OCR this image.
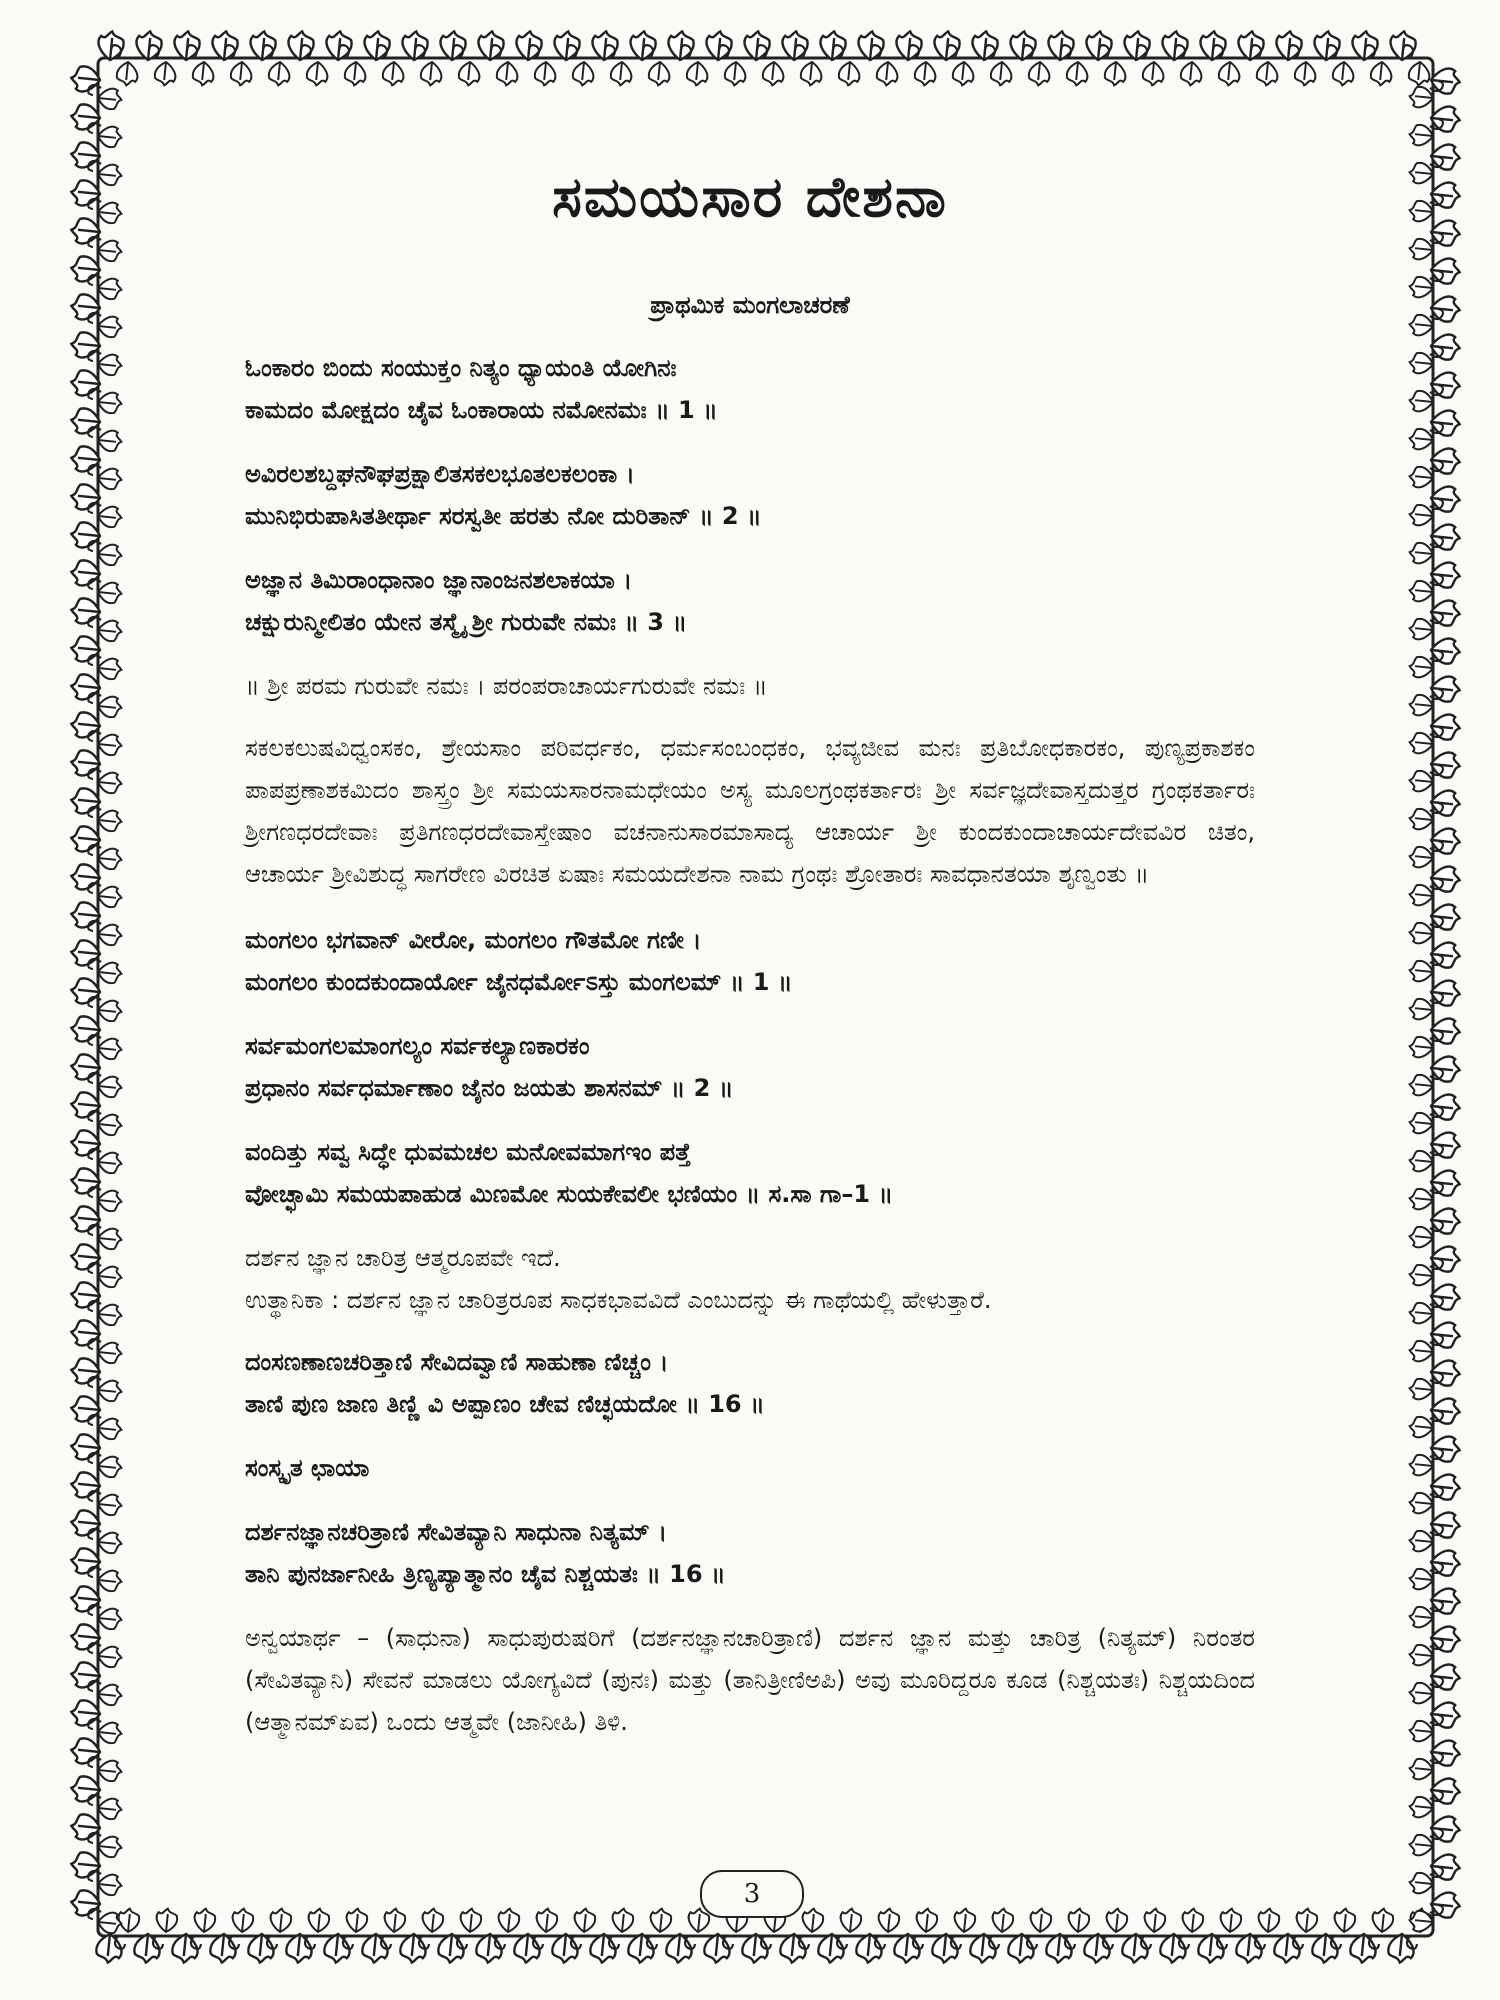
ಸಮಯಸಾರ ದೇಶನಾ
ಪ್ರಾಥಮಿಕ ಮಂಗಲಾಚರಣೆ

ಓಂಕಾರಂ ಬಿಂದು ಸಂಯುಕ್ತಂ ನಿತ್ಯಂ ಧ್ಯಾಯಂತಿ ಯೋಗಿನಃ

ಕಾಮದಂ ಮೋಕ್ಷದಂ ಚೈವ ಓಂಕಾರಾಯ ನಮೋನಮಃ ॥ 1 ॥

ಅವಿರಲಶಬ್ದಘನೌಘಪ್ರಕ್ಷಾಲಿತಸಕಲಭೂತಲಕಲಂಕಾ ।

ಮುನಿಭಿರುಪಾಸಿತತೀರ್ಥಾ ಸರಸ್ವತೀ ಹರತು ನೋ ದುರಿತಾನ್ ॥ 2 ॥

ಅಜ್ಞಾನ ತಿಮಿರಾಂಧಾನಾಂ ಜ್ಞಾನಾಂಜನಶಲಾಕಯಾ ।

ಚಕ್ಷುರುನ್ಮೀಲಿತಂ ಯೇನ ತಸ್ಮೈ ಶ್ರೀ ಗುರುವೇ ನಮಃ ॥ 3 ॥

॥ ಶ್ರೀ ಪರಮ ಗುರುವೇ ನಮಃ । ಪರಂಪರಾಚಾರ್ಯಗುರುವೇ ನಮಃ ॥

ಸಕಲಕಲುಷವಿಧ್ವಂಸಕಂ, ಶ್ರೇಯಸಾಂ ಪರಿವರ್ಧಕಂ, ಧರ್ಮಸಂಬಂಧಕಂ, ಭವ್ಯಜೀವ ಮನಃ ಪ್ರತಿಬೋಧಕಾರಕಂ, ಪುಣ್ಯಪ್ರಕಾಶಕಂ ಪಾಪಪ್ರಣಾಶಕಮಿದಂ ಶಾಸ್ತ್ರಂ ಶ್ರೀ ಸಮಯಸಾರನಾಮಧೇಯಂ ಅಸ್ಯ ಮೂಲಗ್ರಂಥಕರ್ತಾರಃ ಶ್ರೀ ಸರ್ವಜ್ಞದೇವಾಸ್ತದುತ್ತರ ಗ್ರಂಥಕರ್ತಾರಃ ಶ್ರೀಗಣಧರದೇವಾಃ ಪ್ರತಿಗಣಧರದೇವಾಸ್ತೇಷಾಂ ವಚನಾನುಸಾರಮಾಸಾದ್ಯ ಆಚಾರ್ಯ ಶ್ರೀ ಕುಂದಕುಂದಾಚಾರ್ಯದೇವವಿರ ಚಿತಂ, ಆಚಾರ್ಯ ಶ್ರೀವಿಶುದ್ಧ ಸಾಗರೇಣ ವಿರಚಿತ ಏಷಾಃ ಸಮಯದೇಶನಾ ನಾಮ ಗ್ರಂಥಃ ಶ್ರೋತಾರಃ ಸಾವಧಾನತಯಾ ಶೃಣ್ವಂತು ॥

ಮಂಗಲಂ ಭಗವಾನ್ ವೀರೋ, ಮಂಗಲಂ ಗೌತಮೋ ಗಣೀ ।

ಮಂಗಲಂ ಕುಂದಕುಂದಾರ್ಯೋ ಜೈನಧರ್ಮೋಽಸ್ತು ಮಂಗಲಮ್ ॥ 1 ॥

ಸರ್ವಮಂಗಲಮಾಂಗಲ್ಯಂ ಸರ್ವಕಲ್ಯಾಣಕಾರಕಂ

ಪ್ರಧಾನಂ ಸರ್ವಧರ್ಮಾಣಾಂ ಜೈನಂ ಜಯತು ಶಾಸನಮ್ ॥ 2 ॥

ವಂದಿತ್ತು ಸವ್ವ ಸಿದ್ಧೇ ಧುವಮಚಲ ಮನೋವಮಾಗಇಂ ಪತ್ತೆ

ವೋಚ್ಛಾಮಿ ಸಮಯಪಾಹುಡ ಮಿಣಮೋ ಸುಯಕೇವಲೀ ಭಣಿಯಂ ॥ ಸ.ಸಾ ಗಾ–1 ॥

ದರ್ಶನ ಜ್ಞಾನ ಚಾರಿತ್ರ ಆತ್ಮರೂಪವೇ ಇದೆ.

ಉತ್ಥಾನಿಕಾ : ದರ್ಶನ ಜ್ಞಾನ ಚಾರಿತ್ರರೂಪ ಸಾಧಕಭಾವವಿದೆ ಎಂಬುದನ್ನು ಈ ಗಾಥೆಯಲ್ಲಿ ಹೇಳುತ್ತಾರೆ.

ದಂಸಣಣಾಣಚರಿತ್ತಾಣಿ ಸೇವಿದವ್ವಾಣಿ ಸಾಹುಣಾ ಣಿಚ್ಚಂ ।

ತಾಣಿ ಪುಣ ಜಾಣ ತಿಣ್ಣಿ ವಿ ಅಪ್ಪಾಣಂ ಚೇವ ಣಿಚ್ಛಯದೋ ॥ 16 ॥

ಸಂಸ್ಕೃತ ಛಾಯಾ

ದರ್ಶನಜ್ಞಾನಚರಿತ್ರಾಣಿ ಸೇವಿತವ್ಯಾನಿ ಸಾಧುನಾ ನಿತ್ಯಮ್ ।

ತಾನಿ ಪುನರ್ಜಾನೀಹಿ ತ್ರಿಣ್ಯಪ್ಯಾತ್ಮಾನಂ ಚೈವ ನಿಶ್ಚಯತಃ ॥ 16 ॥

ಅನ್ವಯಾರ್ಥ – (ಸಾಧುನಾ) ಸಾಧುಪುರುಷರಿಗೆ (ದರ್ಶನಜ್ಞಾನಚಾರಿತ್ರಾಣಿ) ದರ್ಶನ ಜ್ಞಾನ ಮತ್ತು ಚಾರಿತ್ರ (ನಿತ್ಯಮ್) ನಿರಂತರ (ಸೇವಿತವ್ಯಾನಿ) ಸೇವನೆ ಮಾಡಲು ಯೋಗ್ಯವಿದೆ (ಪುನಃ) ಮತ್ತು (ತಾನಿತ್ರೀಣಿಅಪಿ) ಅವು ಮೂರಿದ್ದರೂ ಕೂಡ (ನಿಶ್ಚಯತಃ) ನಿಶ್ಚಯದಿಂದ (ಆತ್ಮಾನಮ್ಏವ) ಒಂದು ಆತ್ಮವೇ (ಜಾನೀಹಿ) ತಿಳಿ.

3
